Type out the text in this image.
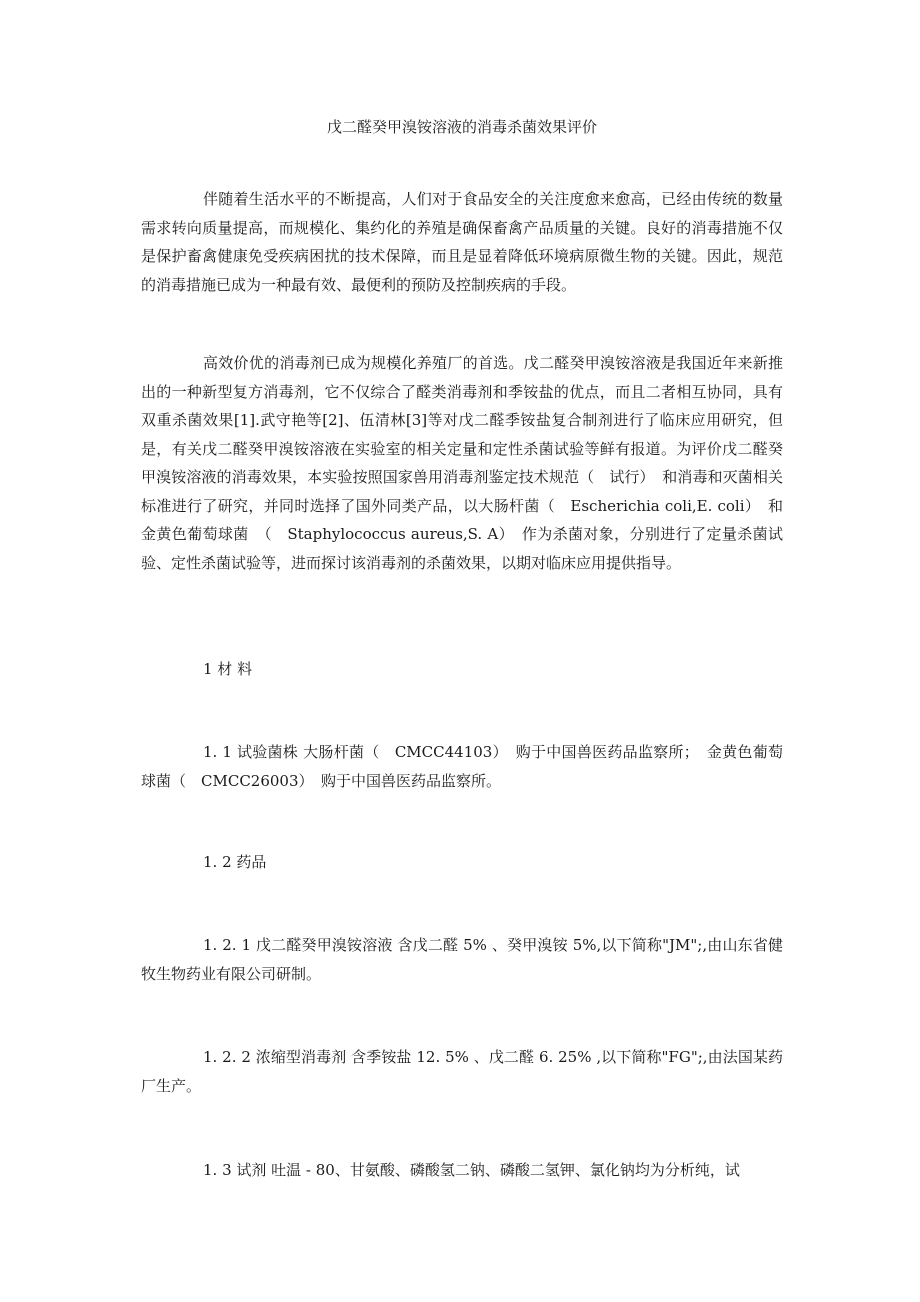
戊二醛癸甲溴铵溶液的消毒杀菌效果评价

伴随着生活水平的不断提高，人们对于食品安全的关注度愈来愈高，已经由传统的数量需求转向质量提高，而规模化、集约化的养殖是确保畜禽产品质量的关键。良好的消毒措施不仅是保护畜禽健康免受疾病困扰的技术保障，而且是显着降低环境病原微生物的关键。因此，规范的消毒措施已成为一种最有效、最便利的预防及控制疾病的手段。

高效价优的消毒剂已成为规模化养殖厂的首选。戊二醛癸甲溴铵溶液是我国近年来新推出的一种新型复方消毒剂，它不仅综合了醛类消毒剂和季铵盐的优点，而且二者相互协同，具有双重杀菌效果[1].武守艳等[2]、伍清林[3]等对戊二醛季铵盐复合制剂进行了临床应用研究，但是，有关戊二醛癸甲溴铵溶液在实验室的相关定量和定性杀菌试验等鲜有报道。为评价戊二醛癸甲溴铵溶液的消毒效果，本实验按照国家兽用消毒剂鉴定技术规范（　试行）　和消毒和灭菌相关标准进行了研究，并同时选择了国外同类产品，以大肠杆菌（　Escherichia coli,E. coli）　和金黄色葡萄球菌　（　Staphylococcus aureus,S. A）　作为杀菌对象，分别进行了定量杀菌试验、定性杀菌试验等，进而探讨该消毒剂的杀菌效果，以期对临床应用提供指导。

1 材 料

1. 1 试验菌株 大肠杆菌（　CMCC44103）　购于中国兽医药品监察所；　金黄色葡萄球菌（　CMCC26003）　购于中国兽医药品监察所。

1. 2 药品

1. 2. 1 戊二醛癸甲溴铵溶液 含戊二醛 5% 、癸甲溴铵 5%,以下简称"JM";,由山东省健牧生物药业有限公司研制。

1. 2. 2 浓缩型消毒剂 含季铵盐 12. 5% 、戊二醛 6. 25% ,以下简称"FG";,由法国某药厂生产。

1. 3 试剂 吐温 - 80、甘氨酸、磷酸氢二钠、磷酸二氢钾、氯化钠均为分析纯，试
